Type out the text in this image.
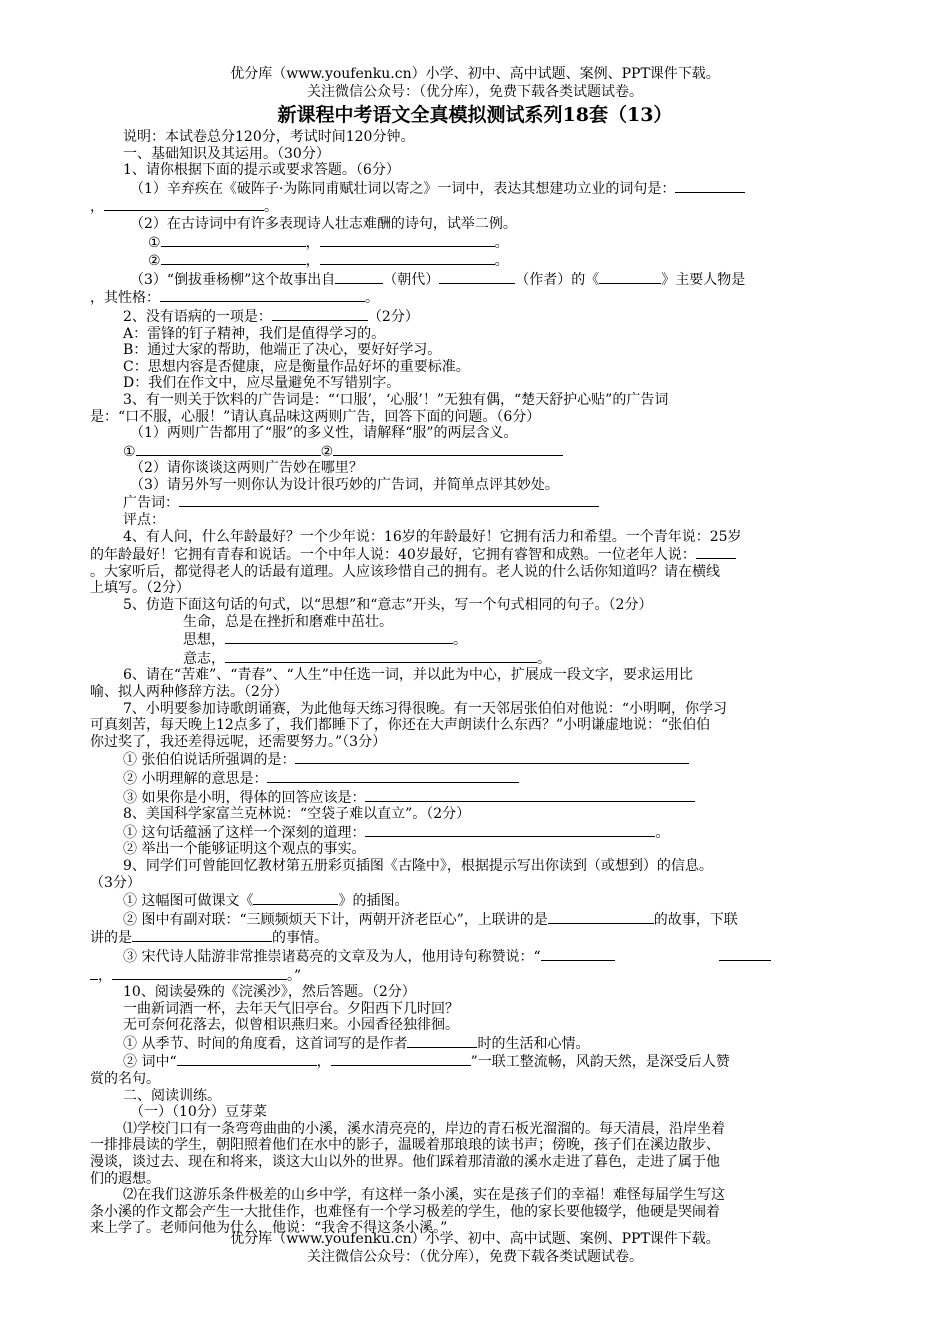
优分库（www.youfenku.cn）小学、初中、高中试题、案例、PPT课件下载。
关注微信公众号：（优分库），免费下载各类试题试卷。
新课程中考语文全真模拟测试系列18套（13）

说明：本试卷总分120分，考试时间120分钟。

一、基础知识及其运用。（30分）

1、请你根据下面的提示或要求答题。（6分）

（1）辛弃疾在《破阵子·为陈同甫赋壮词以寄之》一词中，表达其想建功立业的词句是：

，	。

（2）在古诗词中有许多表现诗人壮志难酬的诗句，试举二例。

①	，	。

②	，	。

（3）“倒拔垂杨柳”这个故事出自	（朝代）	（作者）的《	》主要人物是

，其性格：	。

2、没有语病的一项是：	（2分）

A：雷锋的钉子精神，我们是值得学习的。

B：通过大家的帮助，他端正了决心，要好好学习。

C：思想内容是否健康，应是衡量作品好坏的重要标准。

D：我们在作文中，应尽量避免不写错别字。

3、有一则关于饮料的广告词是：“‘口服’，‘心服’！”无独有偶，“楚天舒护心贴”的广告词

是：“口不服，心服！”请认真品味这两则广告，回答下面的问题。（6分）

（1）两则广告都用了“服”的多义性，请解释“服”的两层含义。

①	②

（2）请你谈谈这两则广告妙在哪里？

（3）请另外写一则你认为设计很巧妙的广告词，并简单点评其妙处。

广告词：

评点：

4、有人问，什么年龄最好？一个少年说：16岁的年龄最好！它拥有活力和希望。一个青年说：25岁

的年龄最好！它拥有青春和说话。一个中年人说：40岁最好，它拥有睿智和成熟。一位老年人说：

。大家听后，都觉得老人的话最有道理。人应该珍惜自己的拥有。老人说的什么话你知道吗？请在横线

上填写。（2分）

5、仿造下面这句话的句式，以“思想”和“意志”开头，写一个句式相同的句子。（2分）

生命，总是在挫折和磨难中茁壮。

思想，	。

意志，	。

6、请在“苦难”、“青春”、“人生”中任选一词，并以此为中心，扩展成一段文字，要求运用比

喻、拟人两种修辞方法。（2分）

7、小明要参加诗歌朗诵赛，为此他每天练习得很晚。有一天邻居张伯伯对他说：“小明啊，你学习

可真刻苦，每天晚上12点多了，我们都睡下了，你还在大声朗读什么东西？”小明谦虚地说：“张伯伯

你过奖了，我还差得远呢，还需要努力。”（3分）

① 张伯伯说话所强调的是：

② 小明理解的意思是：

③ 如果你是小明，得体的回答应该是：

8、美国科学家富兰克林说：“空袋子难以直立”。（2分）

① 这句话蕴涵了这样一个深刻的道理：	。

② 举出一个能够证明这个观点的事实。

9、同学们可曾能回忆教材第五册彩页插图《古隆中》，根据提示写出你读到（或想到）的信息。

（3分）

① 这幅图可做课文《	》的插图。

② 图中有副对联：“三顾频烦天下计，两朝开济老臣心”，上联讲的是	的故事，下联

讲的是	的事情。

③ 宋代诗人陆游非常推崇诸葛亮的文章及为人，他用诗句称赞说：“

，	。”

10、阅读晏殊的《浣溪沙》，然后答题。（2分）

一曲新词酒一杯，去年天气旧亭台。夕阳西下几时回？

无可奈何花落去，似曾相识燕归来。小园香径独徘徊。

① 从季节、时间的角度看，这首词写的是作者	时的生活和心情。

② 词中“	，	”一联工整流畅，风韵天然，是深受后人赞

赏的名句。

二、阅读训练。

（一）（10分）豆芽菜

⑴学校门口有一条弯弯曲曲的小溪，溪水清亮亮的，岸边的青石板光溜溜的。每天清晨，沿岸坐着

一排排晨读的学生，朝阳照着他们在水中的影子，温暖着那琅琅的读书声；傍晚，孩子们在溪边散步、

漫谈，谈过去、现在和将来，谈这大山以外的世界。他们踩着那清澈的溪水走进了暮色，走进了属于他

们的遐想。

⑵在我们这游乐条件极差的山乡中学，有这样一条小溪，实在是孩子们的幸福！难怪每届学生写这

条小溪的作文都会产生一大批佳作，也难怪有一个学习极差的学生，他的家长要他辍学，他硬是哭闹着

来上学了。老师问他为什么，他说：“我舍不得这条小溪。”

优分库（www.youfenku.cn）小学、初中、高中试题、案例、PPT课件下载。
关注微信公众号：（优分库），免费下载各类试题试卷。
